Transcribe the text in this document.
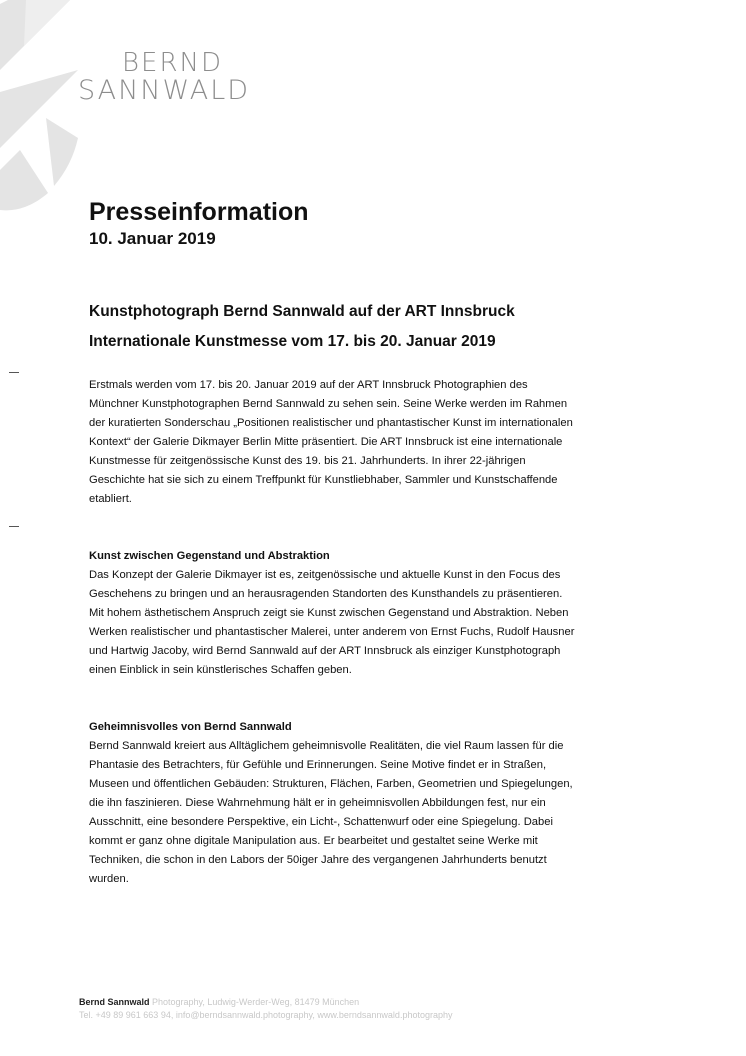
BERND
SANNWALD
Presseinformation
10. Januar 2019
Kunstphotograph Bernd Sannwald auf der ART Innsbruck
Internationale Kunstmesse vom 17. bis 20. Januar 2019

Erstmals werden vom 17. bis 20. Januar 2019 auf der ART Innsbruck Photographien des

Münchner Kunstphotographen Bernd Sannwald zu sehen sein. Seine Werke werden im Rahmen

der kuratierten Sonderschau „Positionen realistischer und phantastischer Kunst im internationalen

Kontext“ der Galerie Dikmayer Berlin Mitte präsentiert. Die ART Innsbruck ist eine internationale

Kunstmesse für zeitgenössische Kunst des 19. bis 21. Jahrhunderts. In ihrer 22-jährigen

Geschichte hat sie sich zu einem Treffpunkt für Kunstliebhaber, Sammler und Kunstschaffende

etabliert.

Kunst zwischen Gegenstand und Abstraktion

Das Konzept der Galerie Dikmayer ist es, zeitgenössische und aktuelle Kunst in den Focus des

Geschehens zu bringen und an herausragenden Standorten des Kunsthandels zu präsentieren.

Mit hohem ästhetischem Anspruch zeigt sie Kunst zwischen Gegenstand und Abstraktion. Neben

Werken realistischer und phantastischer Malerei, unter anderem von Ernst Fuchs, Rudolf Hausner

und Hartwig Jacoby, wird Bernd Sannwald auf der ART Innsbruck als einziger Kunstphotograph

einen Einblick in sein künstlerisches Schaffen geben.

Geheimnisvolles von Bernd Sannwald

Bernd Sannwald kreiert aus Alltäglichem geheimnisvolle Realitäten, die viel Raum lassen für die

Phantasie des Betrachters, für Gefühle und Erinnerungen. Seine Motive findet er in Straßen,

Museen und öffentlichen Gebäuden: Strukturen, Flächen, Farben, Geometrien und Spiegelungen,

die ihn faszinieren. Diese Wahrnehmung hält er in geheimnisvollen Abbildungen fest, nur ein

Ausschnitt, eine besondere Perspektive, ein Licht-, Schattenwurf oder eine Spiegelung. Dabei

kommt er ganz ohne digitale Manipulation aus. Er bearbeitet und gestaltet seine Werke mit

Techniken, die schon in den Labors der 50iger Jahre des vergangenen Jahrhunderts benutzt

wurden.

Bernd Sannwald Photography, Ludwig-Werder-Weg, 81479 München
Tel. +49 89 961 663 94, info@berndsannwald.photography, www.berndsannwald.photography
